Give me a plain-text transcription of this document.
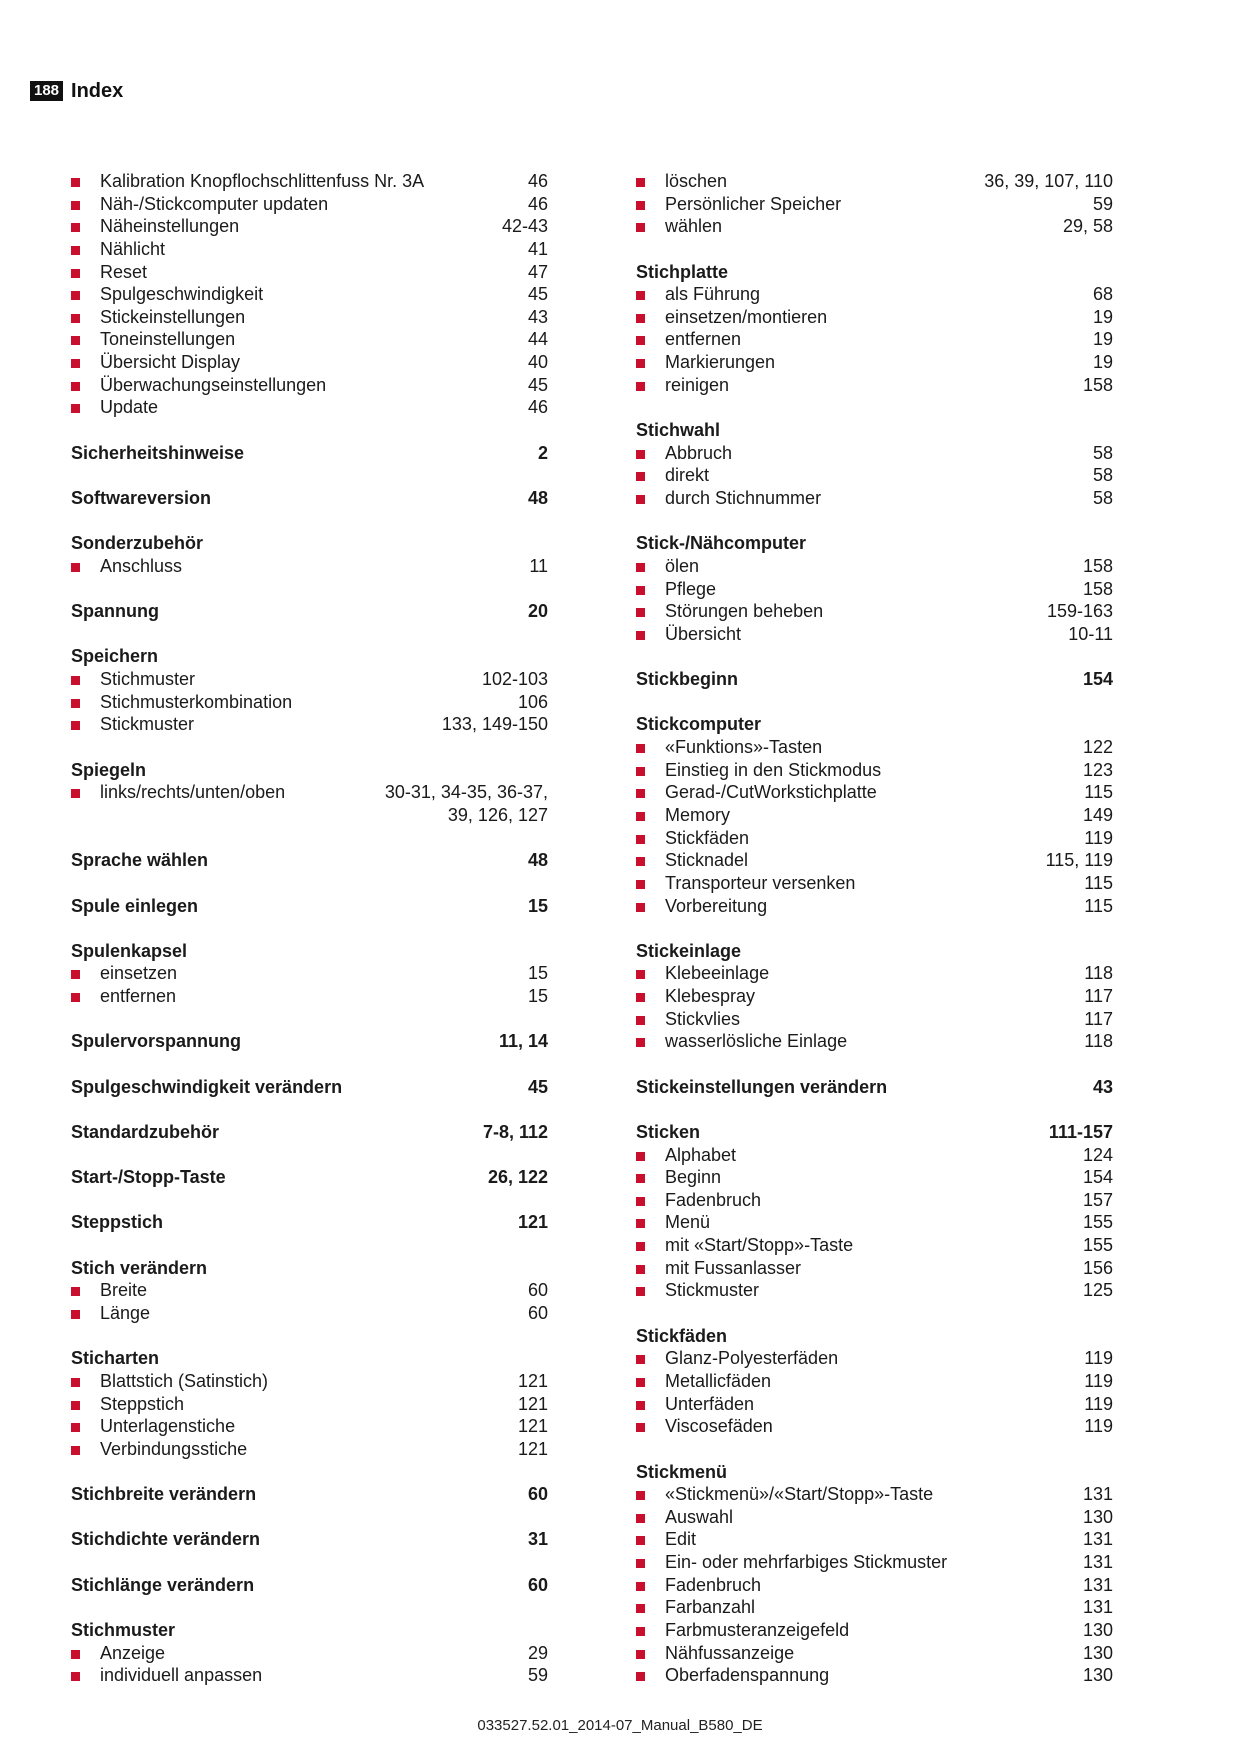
188 Index
Kalibration Knopflochschlittenfuss Nr. 3A	46
Näh-/Stickcomputer updaten	46
Näheinstellungen	42-43
Nählicht	41
Reset	47
Spulgeschwindigkeit	45
Stickeinstellungen	43
Toneinstellungen	44
Übersicht Display	40
Überwachungseinstellungen	45
Update	46
Sicherheitshinweise	2
Softwareversion	48
Sonderzubehör
Anschluss	11
Spannung	20
Speichern
Stichmuster	102-103
Stichmusterkombination	106
Stickmuster	133, 149-150
Spiegeln
links/rechts/unten/oben	30-31, 34-35, 36-37,
39, 126, 127
Sprache wählen	48
Spule einlegen	15
Spulenkapsel
einsetzen	15
entfernen	15
Spulervorspannung	11, 14
Spulgeschwindigkeit verändern	45
Standardzubehör	7-8, 112
Start-/Stopp-Taste	26, 122
Steppstich	121
Stich verändern
Breite	60
Länge	60
Sticharten
Blattstich (Satinstich)	121
Steppstich	121
Unterlagenstiche	121
Verbindungsstiche	121
Stichbreite verändern	60
Stichdichte verändern	31
Stichlänge verändern	60
Stichmuster
Anzeige	29
individuell anpassen	59
löschen	36, 39, 107, 110
Persönlicher Speicher	59
wählen	29, 58
Stichplatte
als Führung	68
einsetzen/montieren	19
entfernen	19
Markierungen	19
reinigen	158
Stichwahl
Abbruch	58
direkt	58
durch Stichnummer	58
Stick-/Nähcomputer
ölen	158
Pflege	158
Störungen beheben	159-163
Übersicht	10-11
Stickbeginn	154
Stickcomputer
«Funktions»-Tasten	122
Einstieg in den Stickmodus	123
Gerad-/CutWorkstichplatte	115
Memory	149
Stickfäden	119
Sticknadel	115, 119
Transporteur versenken	115
Vorbereitung	115
Stickeinlage
Klebeeinlage	118
Klebespray	117
Stickvlies	117
wasserlösliche Einlage	118
Stickeinstellungen verändern	43
Sticken	111-157
Alphabet	124
Beginn	154
Fadenbruch	157
Menü	155
mit «Start/Stopp»-Taste	155
mit Fussanlasser	156
Stickmuster	125
Stickfäden
Glanz-Polyesterfäden	119
Metallicfäden	119
Unterfäden	119
Viscosefäden	119
Stickmenü
«Stickmenü»/«Start/Stopp»-Taste	131
Auswahl	130
Edit	131
Ein- oder mehrfarbiges Stickmuster	131
Fadenbruch	131
Farbanzahl	131
Farbmusteranzeigefeld	130
Nähfussanzeige	130
Oberfadenspannung	130
033527.52.01_2014-07_Manual_B580_DE
